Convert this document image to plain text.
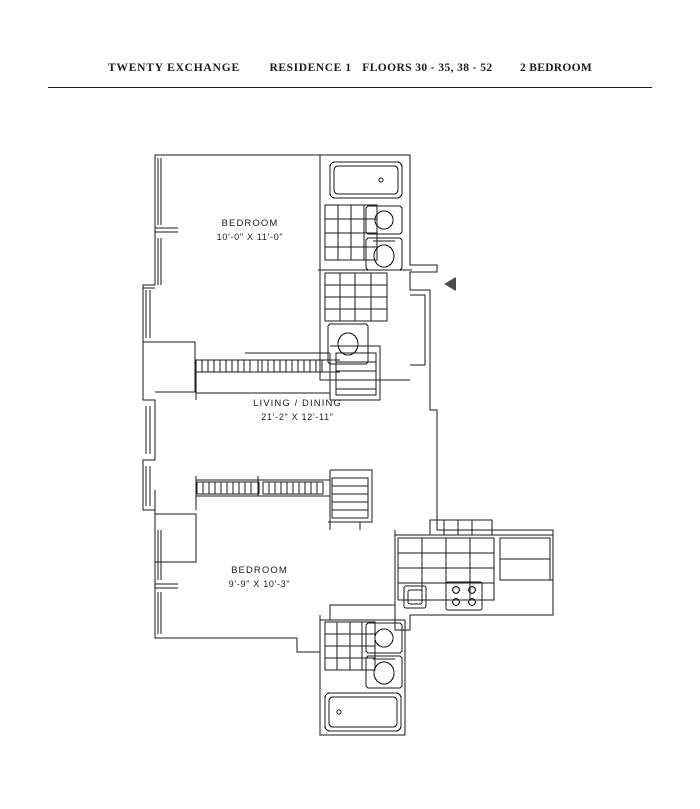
TWENTY EXCHANGE	RESIDENCE 1 FLOORS 30 - 35, 38 - 52 2 BEDROOM
BEDROOM
10'-0" X 11'-0"
LIVING / DINING
21'-2" X 12'-11"
BEDROOM
9'-9" X 10'-3"
